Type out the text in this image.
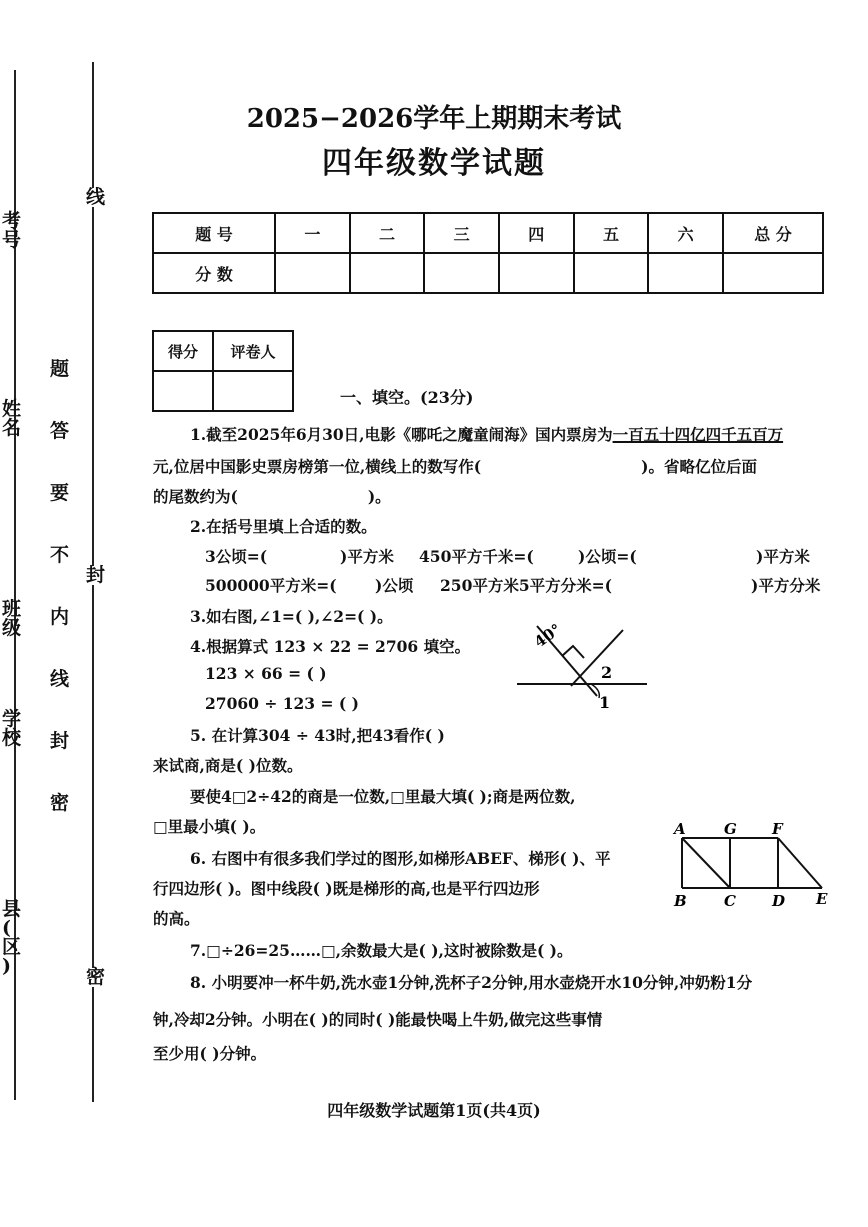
考
号
姓
名
班
级
学
校
县
(
区
)
线
封
密
题
答
要
不
内
线
封
密
2025−2026学年上期期末考试
四年级数学试题
题 号	一	二	三	四	五	六	总 分
分 数							
得分	评卷人

一、填空。(23分)
1.截至2025年6月30日,电影《哪吒之魔童闹海》国内票房为一百五十四亿四千五百万
元,位居中国影史票房榜第一位,横线上的数写作(	)。省略亿位后面
的尾数约为(	)。
2.在括号里填上合适的数。
3公顷=(	)平方米 450平方千米=(	)公顷=(	)平方米
500000平方米=( )公顷 250平方米5平方分米=(	)平方分米
3.如右图,∠1=( ),∠2=( )。
4.根据算式 123 × 22 = 2706 填空。
123 × 66 = ( )
27060 ÷ 123 = ( )
40°
2
1
5. 在计算304 ÷ 43时,把43看作( )
来试商,商是( )位数。
要使4□2÷42的商是一位数,□里最大填( );商是两位数,
□里最小填( )。
6. 右图中有很多我们学过的图形,如梯形ABEF、梯形( )、平
行四边形( )。图中线段( )既是梯形的高,也是平行四边形
的高。
A	G F
B C D E
7.□÷26=25……□,余数最大是( ),这时被除数是( )。
8. 小明要冲一杯牛奶,洗水壶1分钟,洗杯子2分钟,用水壶烧开水10分钟,冲奶粉1分
钟,冷却2分钟。小明在( )的同时( )能最快喝上牛奶,做完这些事情
至少用( )分钟。
四年级数学试题第1页(共4页)
